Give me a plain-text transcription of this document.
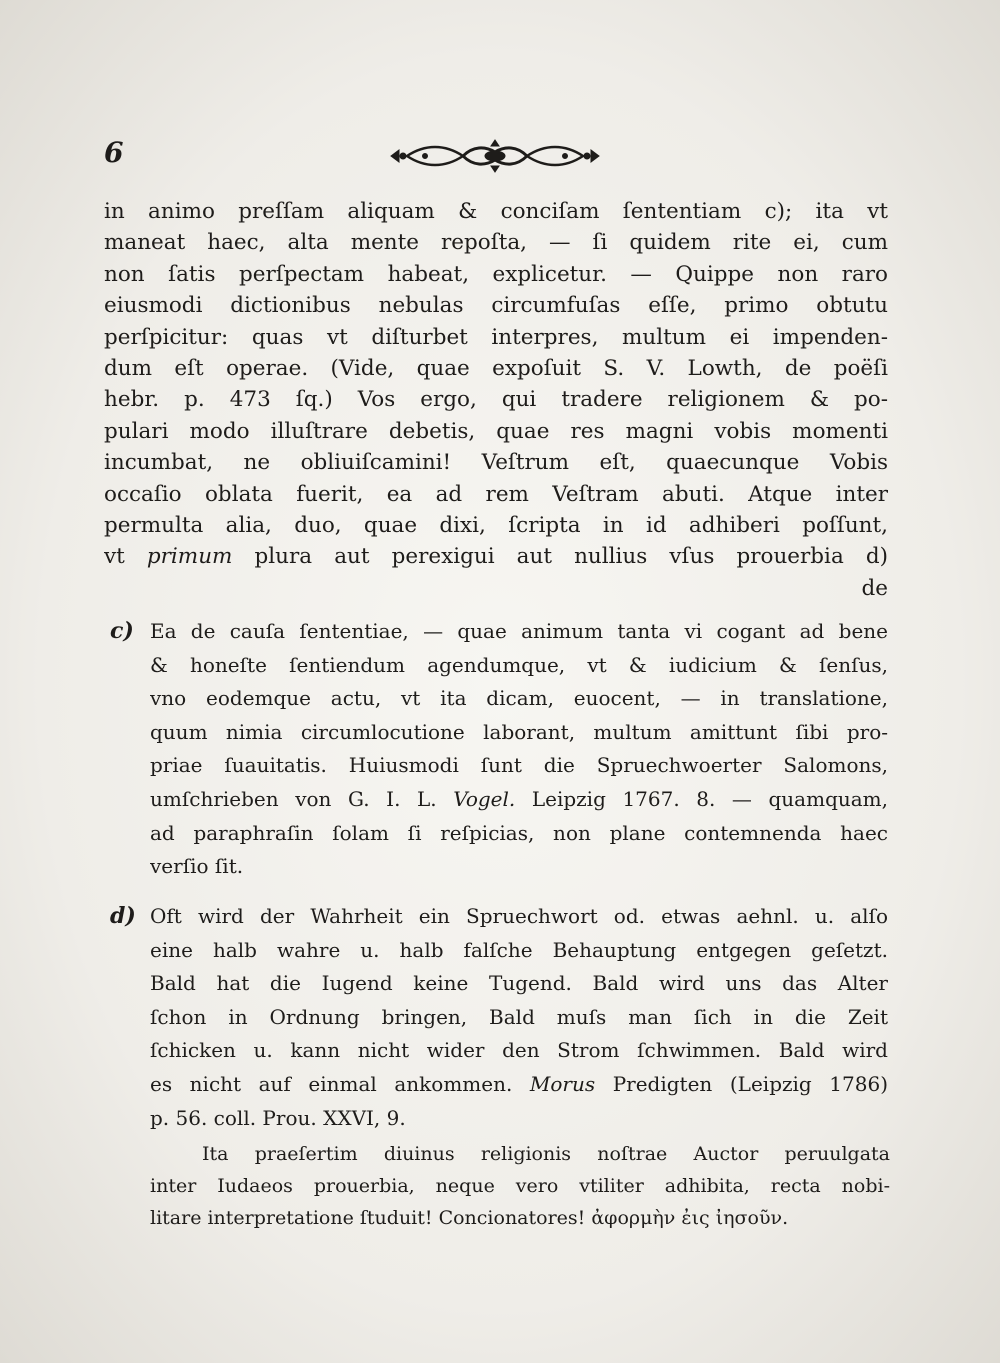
6
in animo preſſam aliquam & conciſam ſententiam c); ita vt
maneat haec, alta mente repoſta, — ſi quidem rite ei, cum
non ſatis perſpectam habeat, explicetur. — Quippe non raro
eiusmodi dictionibus nebulas circumfuſas eſſe, primo obtutu
perſpicitur: quas vt diſturbet interpres, multum ei impenden-
dum eſt operae. (Vide, quae expoſuit S. V. Lowth, de poëſi
hebr. p. 473 ſq.) Vos ergo, qui tradere religionem & po-
pulari modo illuſtrare debetis, quae res magni vobis momenti
incumbat, ne obliuiſcamini! Veſtrum eſt, quaecunque Vobis
occaſio oblata fuerit, ea ad rem Veſtram abuti. Atque inter
permulta alia, duo, quae dixi, ſcripta in id adhiberi poſſunt,
vt primum plura aut perexigui aut nullius vſus prouerbia d)
de
c) Ea de cauſa ſententiae, — quae animum tanta vi cogant ad bene
& honeſte ſentiendum agendumque, vt & iudicium & ſenſus,
vno eodemque actu, vt ita dicam, euocent, — in translatione,
quum nimia circumlocutione laborant, multum amittunt ſibi pro-
priae ſuauitatis. Huiusmodi ſunt die Spruechwoerter Salomons,
umſchrieben von G. I. L. Vogel. Leipzig 1767. 8. — quamquam,
ad paraphraſin ſolam ſi reſpicias, non plane contemnenda haec
verſio ſit.
d) Oft wird der Wahrheit ein Spruechwort od. etwas aehnl. u. alſo
eine halb wahre u. halb falſche Behauptung entgegen geſetzt.
Bald hat die Iugend keine Tugend. Bald wird uns das Alter
ſchon in Ordnung bringen, Bald muſs man ſich in die Zeit
ſchicken u. kann nicht wider den Strom ſchwimmen. Bald wird
es nicht auf einmal ankommen. Morus Predigten (Leipzig 1786)
p. 56. coll. Prou. XXVI, 9.
Ita praeſertim diuinus religionis noſtrae Auctor peruulgata
inter Iudaeos prouerbia, neque vero vtiliter adhibita, recta nobi-
litare interpretatione ſtuduit! Concionatores! ἀφορμὴν ἐις ἰησοῦν.
